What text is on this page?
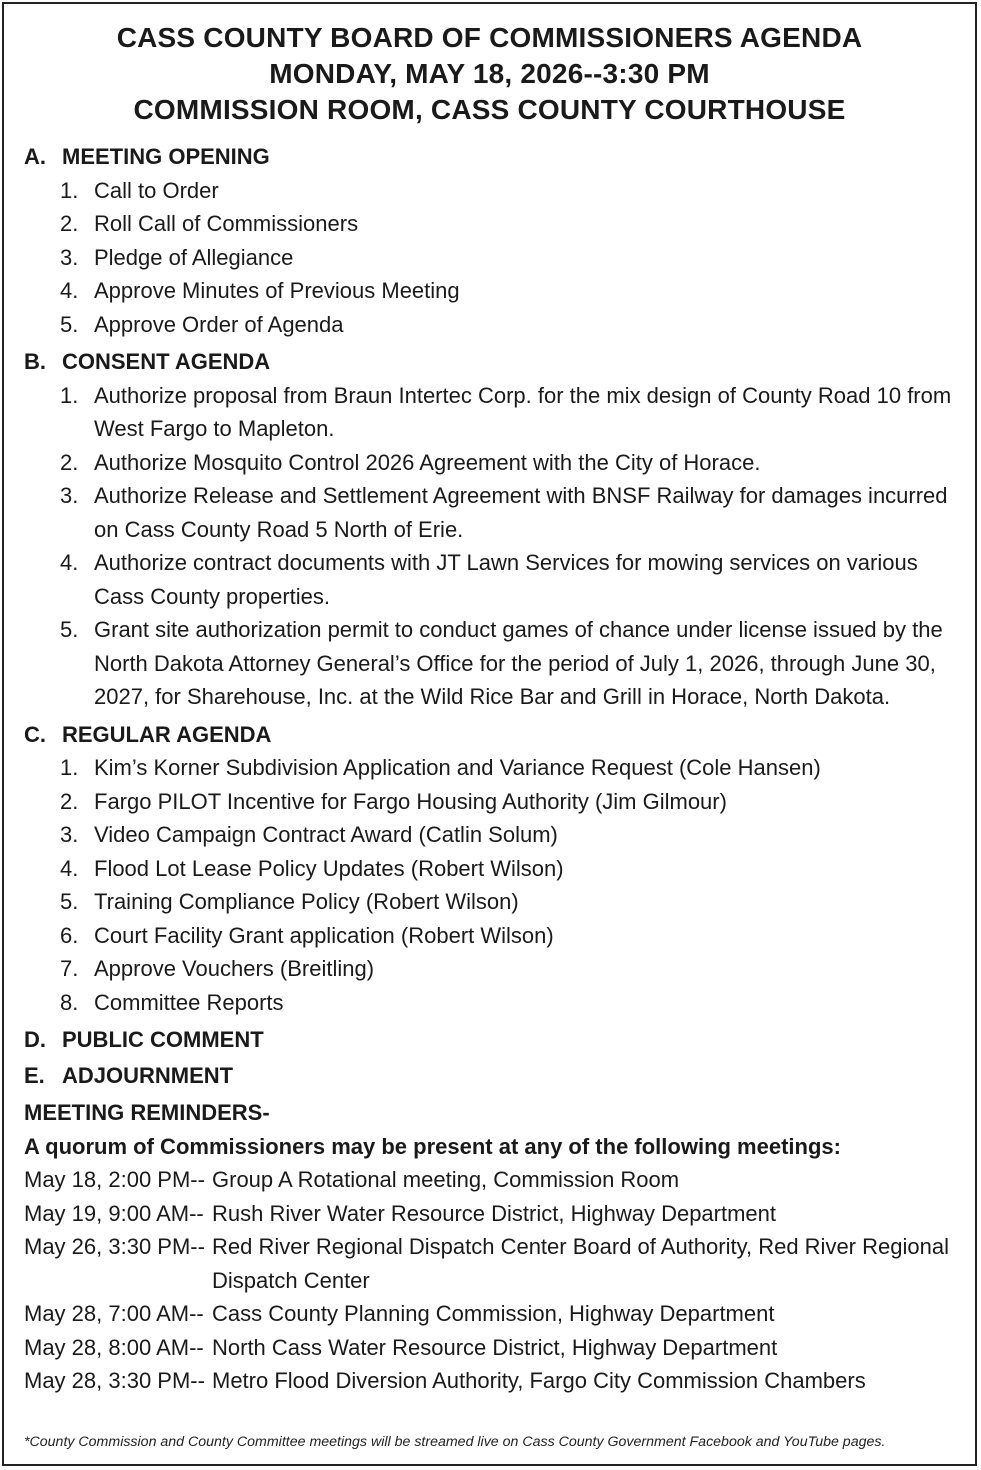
CASS COUNTY BOARD OF COMMISSIONERS AGENDA
MONDAY, MAY 18, 2026--3:30 PM
COMMISSION ROOM, CASS COUNTY COURTHOUSE
A. MEETING OPENING
1. Call to Order
2. Roll Call of Commissioners
3. Pledge of Allegiance
4. Approve Minutes of Previous Meeting
5. Approve Order of Agenda
B. CONSENT AGENDA
1. Authorize proposal from Braun Intertec Corp. for the mix design of County Road 10 from West Fargo to Mapleton.
2. Authorize Mosquito Control 2026 Agreement with the City of Horace.
3. Authorize Release and Settlement Agreement with BNSF Railway for damages incurred on Cass County Road 5 North of Erie.
4. Authorize contract documents with JT Lawn Services for mowing services on various Cass County properties.
5. Grant site authorization permit to conduct games of chance under license issued by the North Dakota Attorney General’s Office for the period of July 1, 2026, through June 30, 2027, for Sharehouse, Inc. at the Wild Rice Bar and Grill in Horace, North Dakota.
C. REGULAR AGENDA
1. Kim’s Korner Subdivision Application and Variance Request (Cole Hansen)
2. Fargo PILOT Incentive for Fargo Housing Authority (Jim Gilmour)
3. Video Campaign Contract Award (Catlin Solum)
4. Flood Lot Lease Policy Updates (Robert Wilson)
5. Training Compliance Policy (Robert Wilson)
6. Court Facility Grant application (Robert Wilson)
7. Approve Vouchers (Breitling)
8. Committee Reports
D. PUBLIC COMMENT
E. ADJOURNMENT
MEETING REMINDERS-
A quorum of Commissioners may be present at any of the following meetings:
May 18, 2:00 PM-- Group A Rotational meeting, Commission Room
May 19, 9:00 AM-- Rush River Water Resource District, Highway Department
May 26, 3:30 PM-- Red River Regional Dispatch Center Board of Authority, Red River Regional Dispatch Center
May 28, 7:00 AM-- Cass County Planning Commission, Highway Department
May 28, 8:00 AM-- North Cass Water Resource District, Highway Department
May 28, 3:30 PM-- Metro Flood Diversion Authority, Fargo City Commission Chambers
*County Commission and County Committee meetings will be streamed live on Cass County Government Facebook and YouTube pages.
